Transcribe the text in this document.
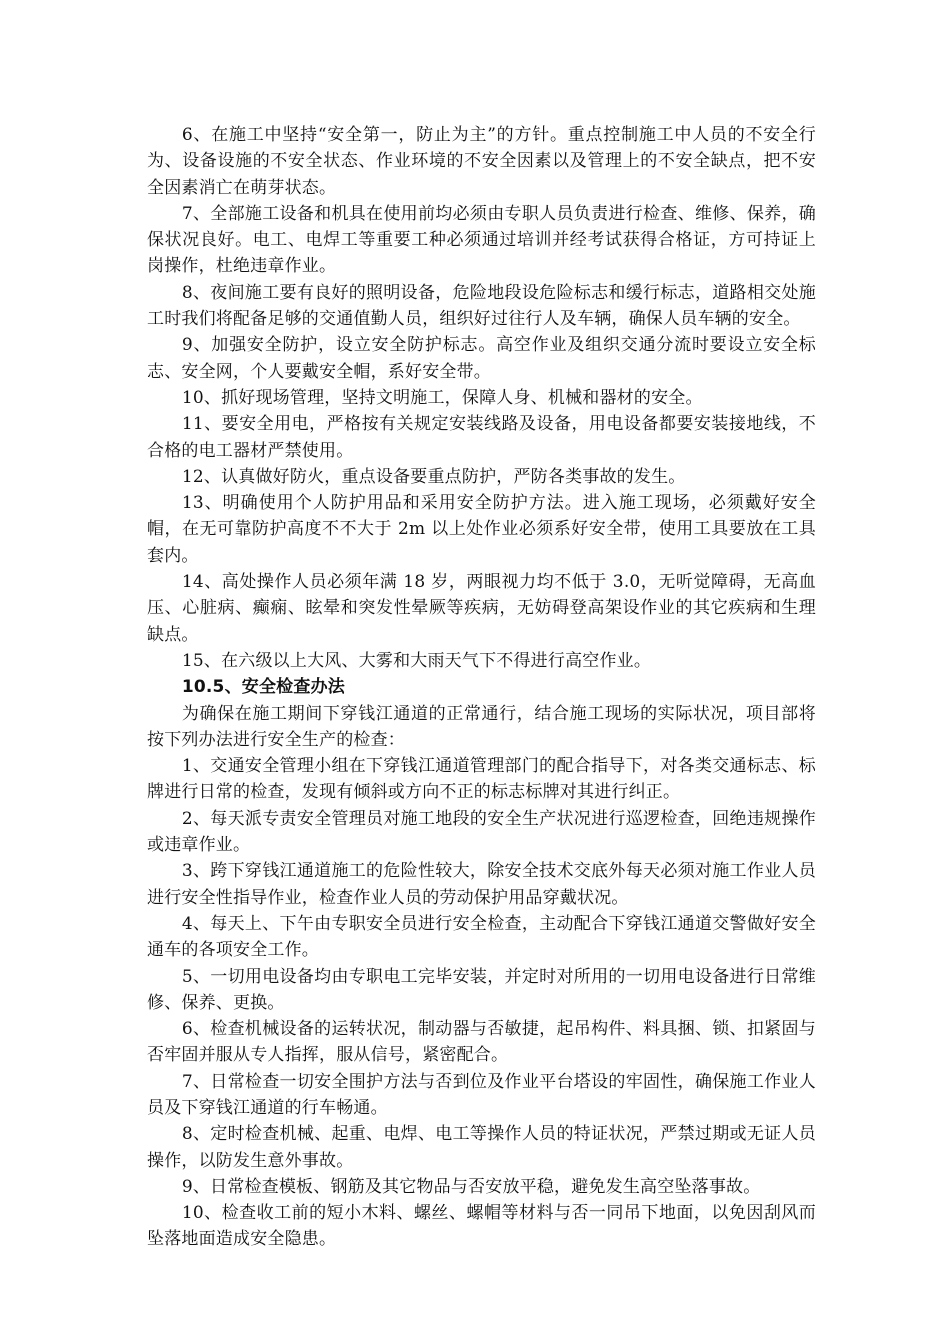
6、在施工中坚持“安全第一，防止为主”的方针。重点控制施工中人员的不安全行为、设备设施的不安全状态、作业环境的不安全因素以及管理上的不安全缺点，把不安全因素消亡在萌芽状态。

7、全部施工设备和机具在使用前均必须由专职人员负责进行检查、维修、保养，确保状况良好。电工、电焊工等重要工种必须通过培训并经考试获得合格证，方可持证上岗操作，杜绝违章作业。

8、夜间施工要有良好的照明设备，危险地段设危险标志和缓行标志，道路相交处施工时我们将配备足够的交通值勤人员，组织好过往行人及车辆，确保人员车辆的安全。

9、加强安全防护，设立安全防护标志。高空作业及组织交通分流时要设立安全标志、安全网，个人要戴安全帽，系好安全带。

10、抓好现场管理，坚持文明施工，保障人身、机械和器材的安全。

11、要安全用电，严格按有关规定安装线路及设备，用电设备都要安装接地线，不合格的电工器材严禁使用。

12、认真做好防火，重点设备要重点防护，严防各类事故的发生。

13、明确使用个人防护用品和采用安全防护方法。进入施工现场，必须戴好安全帽，在无可靠防护高度不不大于 2m 以上处作业必须系好安全带，使用工具要放在工具套内。

14、高处操作人员必须年满 18 岁，两眼视力均不低于 3.0，无听觉障碍，无高血压、心脏病、癫痫、眩晕和突发性晕厥等疾病，无妨碍登高架设作业的其它疾病和生理缺点。

15、在六级以上大风、大雾和大雨天气下不得进行高空作业。

10.5、安全检查办法

为确保在施工期间下穿钱江通道的正常通行，结合施工现场的实际状况，项目部将按下列办法进行安全生产的检查：

1、交通安全管理小组在下穿钱江通道管理部门的配合指导下，对各类交通标志、标牌进行日常的检查，发现有倾斜或方向不正的标志标牌对其进行纠正。

2、每天派专责安全管理员对施工地段的安全生产状况进行巡逻检查，回绝违规操作或违章作业。

3、跨下穿钱江通道施工的危险性较大，除安全技术交底外每天必须对施工作业人员进行安全性指导作业，检查作业人员的劳动保护用品穿戴状况。

4、每天上、下午由专职安全员进行安全检查，主动配合下穿钱江通道交警做好安全通车的各项安全工作。

5、一切用电设备均由专职电工完毕安装，并定时对所用的一切用电设备进行日常维修、保养、更换。

6、检查机械设备的运转状况，制动器与否敏捷，起吊构件、料具捆、锁、扣紧固与否牢固并服从专人指挥，服从信号，紧密配合。

7、日常检查一切安全围护方法与否到位及作业平台塔设的牢固性，确保施工作业人员及下穿钱江通道的行车畅通。

8、定时检查机械、起重、电焊、电工等操作人员的特证状况，严禁过期或无证人员操作，以防发生意外事故。

9、日常检查模板、钢筋及其它物品与否安放平稳，避免发生高空坠落事故。

10、检查收工前的短小木料、螺丝、螺帽等材料与否一同吊下地面，以免因刮风而坠落地面造成安全隐患。
